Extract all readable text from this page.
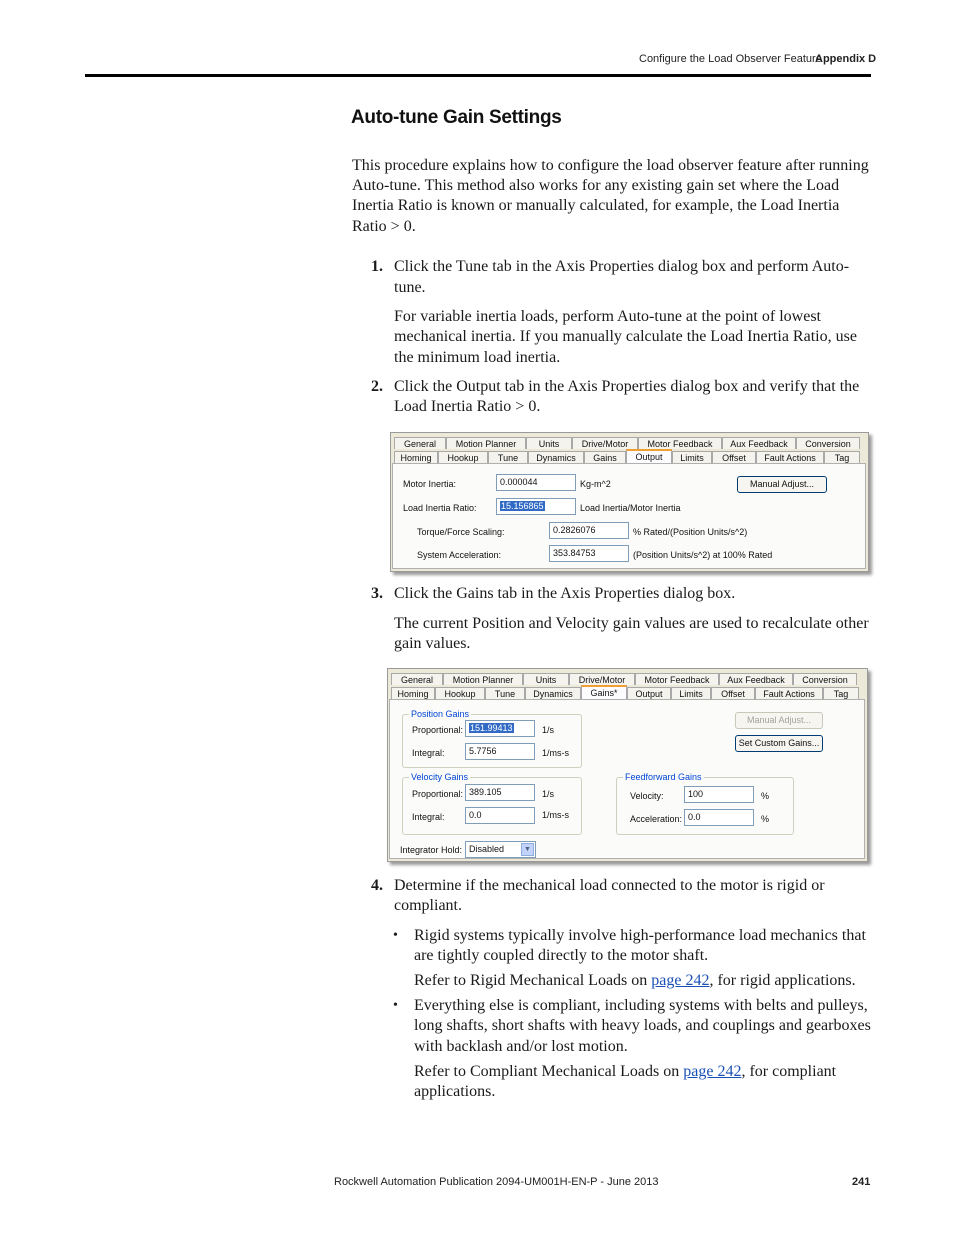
Configure the Load Observer Feature
Appendix D
Auto-tune Gain Settings
This procedure explains how to configure the load observer feature after running
Auto-tune. This method also works for any existing gain set where the Load
Inertia Ratio is known or manually calculated, for example, the Load Inertia
Ratio > 0.
1. Click the Tune tab in the Axis Properties dialog box and perform Auto-
tune.
For variable inertia loads, perform Auto-tune at the point of lowest
mechanical inertia. If you manually calculate the Load Inertia Ratio, use
the minimum load inertia.
2. Click the Output tab in the Axis Properties dialog box and verify that the
Load Inertia Ratio > 0.
General	Motion Planner	Units	Drive/Motor	Motor Feedback	Aux Feedback	Conversion
Homing	Hookup	Tune	Dynamics	Gains	Output	Limits	Offset	Fault Actions	Tag
Motor Inertia:	0.000044	Kg-m^2	Manual Adjust...
Load Inertia Ratio:	15.156865	Load Inertia/Motor Inertia
Torque/Force Scaling:	0.2826076	% Rated/(Position Units/s^2)
System Acceleration:	353.84753	(Position Units/s^2) at 100% Rated
3. Click the Gains tab in the Axis Properties dialog box.
The current Position and Velocity gain values are used to recalculate other
gain values.
General	Motion Planner	Units	Drive/Motor	Motor Feedback	Aux Feedback	Conversion
Homing	Hookup	Tune	Dynamics	Gains*	Output	Limits	Offset	Fault Actions	Tag
Position Gains
Proportional: 151.99413	1/s
Integral:	5.7756	1/ms-s
Manual Adjust...
Set Custom Gains...
Velocity Gains
Proportional: 389.105	1/s
Integral:	0.0	1/ms-s
Feedforward Gains
Velocity:	100	%
Acceleration: 0.0	%
Integrator Hold: Disabled	▼
4. Determine if the mechanical load connected to the motor is rigid or
compliant.
• Rigid systems typically involve high-performance load mechanics that
are tightly coupled directly to the motor shaft.
Refer to Rigid Mechanical Loads on page 242, for rigid applications.
• Everything else is compliant, including systems with belts and pulleys,
long shafts, short shafts with heavy loads, and couplings and gearboxes
with backlash and/or lost motion.
Refer to Compliant Mechanical Loads on page 242, for compliant
applications.
Rockwell Automation Publication 2094-UM001H-EN-P - June 2013	241
